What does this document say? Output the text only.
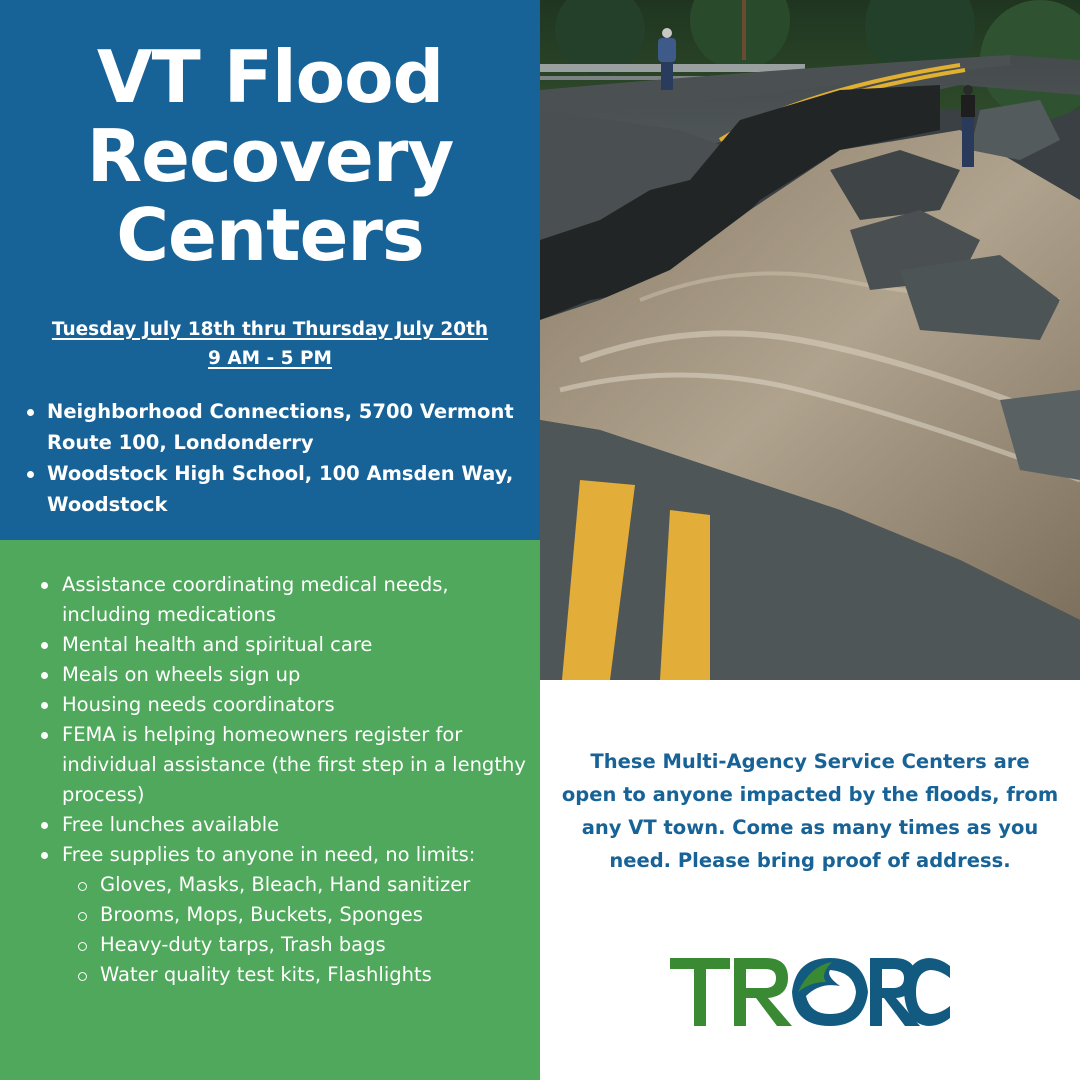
VT Flood
Recovery
Centers
Tuesday July 18th thru Thursday July 20th
9 AM - 5 PM
Neighborhood Connections, 5700 Vermont Route 100, Londonderry
Woodstock High School, 100 Amsden Way, Woodstock
Assistance coordinating medical needs, including medications
Mental health and spiritual care
Meals on wheels sign up
Housing needs coordinators
FEMA is helping homeowners register for individual assistance (the first step in a lengthy process)
Free lunches available
Free supplies to anyone in need, no limits:
Gloves, Masks, Bleach, Hand sanitizer
Brooms, Mops, Buckets, Sponges
Heavy-duty tarps, Trash bags
Water quality test kits, Flashlights

These Multi-Agency Service Centers are open to anyone impacted by the floods, from any VT town. Come as many times as you need. Please bring proof of address.
